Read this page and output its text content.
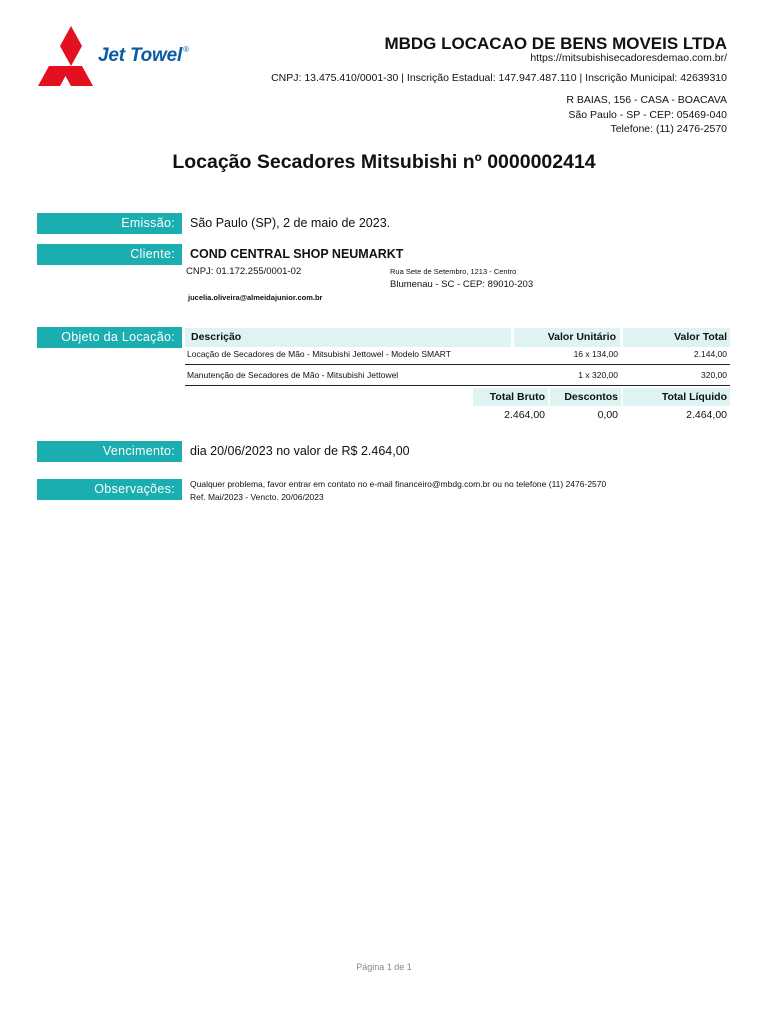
Jet Towel®	MBDG LOCACAO DE BENS MOVEIS LTDA
https://mitsubishisecadoresdemao.com.br/
CNPJ: 13.475.410/0001-30 | Inscrição Estadual: 147.947.487.110 | Inscrição Municipal: 42639310
R BAIAS, 156 - CASA - BOACAVA
São Paulo - SP - CEP: 05469-040
Telefone: (11) 2476-2570
Locação Secadores Mitsubishi nº 0000002414
Emissão:	São Paulo (SP), 2 de maio de 2023.
Cliente:	COND CENTRAL SHOP NEUMARKT
CNPJ: 01.172.255/0001-02	Rua Sete de Setembro, 1213 - Centro
Blumenau - SC - CEP: 89010-203
jucelia.oliveira@almeidajunior.com.br
Objeto da Locação:	Descrição	Valor Unitário	Valor Total
Locação de Secadores de Mão - Mitsubishi Jettowel - Modelo SMART	16 x 134,00	2.144,00
Manutenção de Secadores de Mão - Mitsubishi Jettowel	1 x 320,00	320,00
Total Bruto	Descontos	Total Líquido
2.464,00	0,00	2.464,00
Vencimento:	dia 20/06/2023 no valor de R$ 2.464,00
Observações:	Qualquer problema, favor entrar em contato no e-mail financeiro@mbdg.com.br ou no telefone (11) 2476-2570
Ref. Mai/2023 - Vencto. 20/06/2023
Página 1 de 1
